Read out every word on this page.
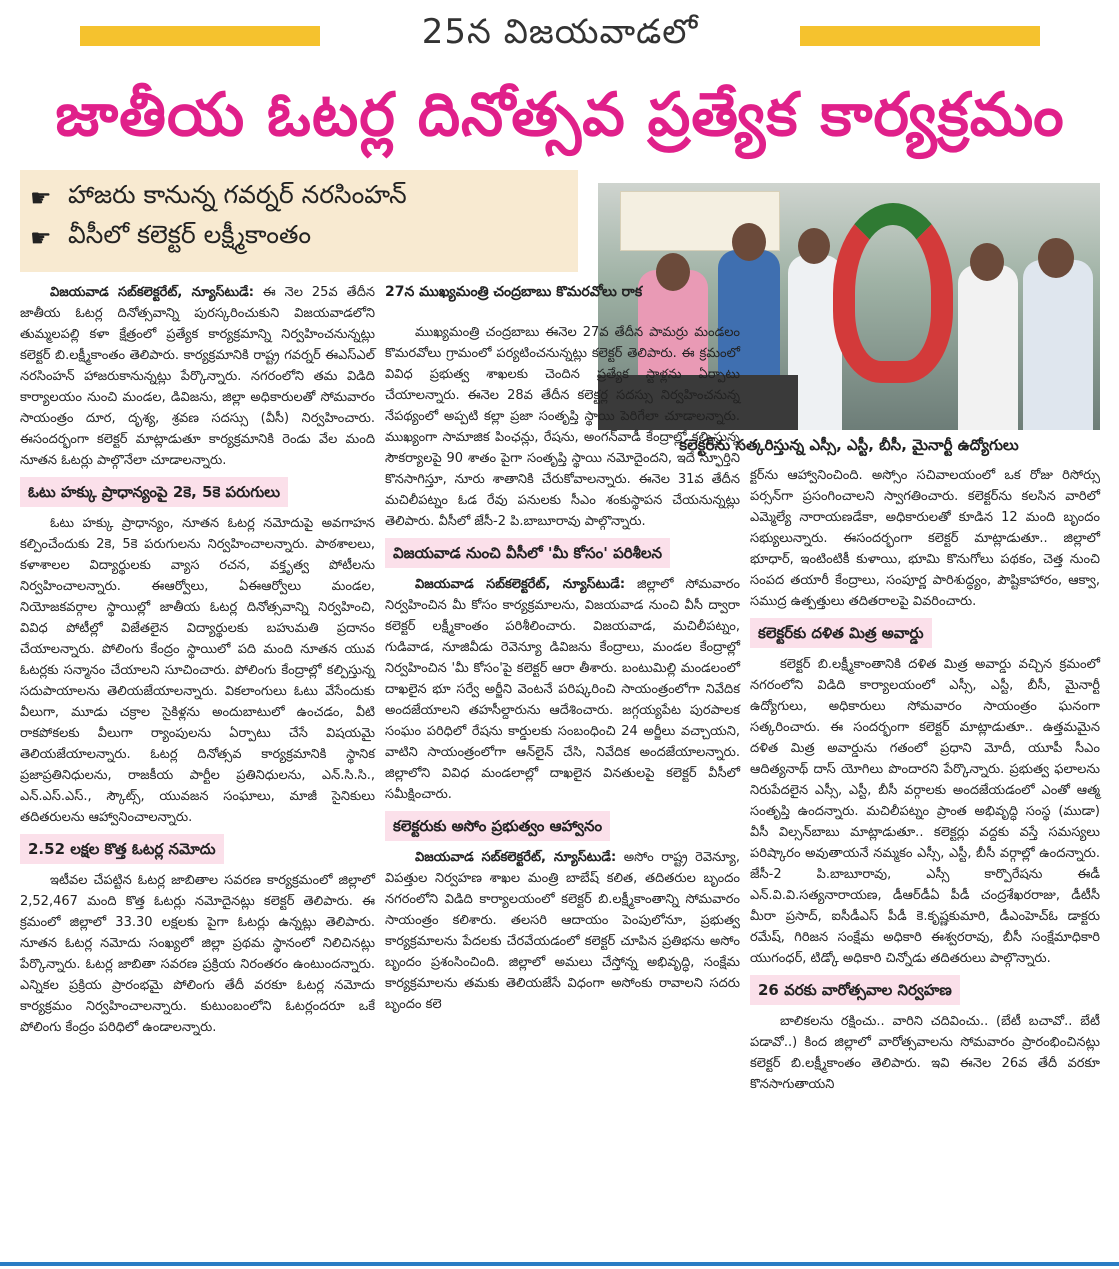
25న విజయవాడలో
జాతీయ ఓటర్ల దినోత్సవ ప్రత్యేక కార్యక్రమం
☛ హాజరు కానున్న గవర్నర్ నరసింహన్
☛ వీసీలో కలెక్టర్ లక్ష్మీకాంతం
కలెక్టర్‌ను సత్కరిస్తున్న ఎస్సీ, ఎస్టీ, బీసీ, మైనార్టీ ఉద్యోగులు

విజయవాడ సబ్‌కలెక్టరేట్, న్యూస్‌టుడే: ఈ నెల 25వ తేదీన జాతీయ ఓటర్ల దినోత్సవాన్ని పురస్కరించుకుని విజయవాడలోని తుమ్మలపల్లి కళా క్షేత్రంలో ప్రత్యేక కార్యక్రమాన్ని నిర్వహించనున్నట్లు కలెక్టర్ బి.లక్ష్మీకాంతం తెలిపారు. కార్యక్రమానికి రాష్ట్ర గవర్నర్ ఈఎస్ఎల్ నరసింహన్ హాజరుకానున్నట్లు పేర్కొన్నారు. నగరంలోని తమ విడిది కార్యాలయం నుంచి మండల, డివిజను, జిల్లా అధికారులతో సోమవారం సాయంత్రం దూర, దృశ్య, శ్రవణ సదస్సు (వీసీ) నిర్వహించారు. ఈసందర్భంగా కలెక్టర్ మాట్లాడుతూ కార్యక్రమానికి రెండు వేల మంది నూతన ఓటర్లు పాల్గొనేలా చూడాలన్నారు.

ఓటు హక్కు ప్రాధాన్యంపై 2కె, 5కె పరుగులు

ఓటు హక్కు ప్రాధాన్యం, నూతన ఓటర్ల నమోదుపై అవగాహన కల్పించేందుకు 2కె, 5కె పరుగులను నిర్వహించాలన్నారు. పాఠశాలలు, కళాశాలల విద్యార్థులకు వ్యాస రచన, వక్తృత్వ పోటీలను నిర్వహించాలన్నారు. ఈఆర్వోలు, ఏఈఆర్వోలు మండల, నియోజకవర్గాల స్థాయిల్లో జాతీయ ఓటర్ల దినోత్సవాన్ని నిర్వహించి, వివిధ పోటీల్లో విజేతలైన విద్యార్థులకు బహుమతి ప్రదానం చేయాలన్నారు. పోలింగు కేంద్రం స్థాయిలో పది మంది నూతన యువ ఓటర్లకు సన్మానం చేయాలని సూచించారు. పోలింగు కేంద్రాల్లో కల్పిస్తున్న సదుపాయాలను తెలియజేయాలన్నారు. వికలాంగులు ఓటు వేసేందుకు వీలుగా, మూడు చక్రాల సైకిళ్లను అందుబాటులో ఉంచడం, వీటి రాకపోకలకు వీలుగా ర్యాంపులను ఏర్పాటు చేసే విషయమై తెలియజేయాలన్నారు. ఓటర్ల దినోత్సవ కార్యక్రమానికి స్థానిక ప్రజాప్రతినిధులను, రాజకీయ పార్టీల ప్రతినిధులను, ఎన్.సి.సి., ఎన్.ఎస్.ఎస్., స్కౌట్స్, యువజన సంఘాలు, మాజీ సైనికులు తదితరులను ఆహ్వానించాలన్నారు.

2.52 లక్షల కొత్త ఓటర్ల నమోదు

ఇటీవల చేపట్టిన ఓటర్ల జాబితాల సవరణ కార్యక్రమంలో జిల్లాలో 2,52,467 మంది కొత్త ఓటర్లు నమోదైనట్లు కలెక్టర్ తెలిపారు. ఈ క్రమంలో జిల్లాలో 33.30 లక్షలకు పైగా ఓటర్లు ఉన్నట్లు తెలిపారు. నూతన ఓటర్ల నమోదు సంఖ్యలో జిల్లా ప్రథమ స్థానంలో నిలిచినట్లు పేర్కొన్నారు. ఓటర్ల జాబితా సవరణ ప్రక్రియ నిరంతరం ఉంటుందన్నారు. ఎన్నికల ప్రక్రియ ప్రారంభమై పోలింగు తేదీ వరకూ ఓటర్ల నమోదు కార్యక్రమం నిర్వహించాలన్నారు. కుటుంబంలోని ఓటర్లందరూ ఒకే పోలింగు కేంద్రం పరిధిలో ఉండాలన్నారు.

27న ముఖ్యమంత్రి చంద్రబాబు కొమరవోలు రాక

ముఖ్యమంత్రి చంద్రబాబు ఈనెల 27వ తేదీన పామర్రు మండలం కొమరవోలు గ్రామంలో పర్యటించనున్నట్లు కలెక్టర్ తెలిపారు. ఈ క్రమంలో వివిధ ప్రభుత్వ శాఖలకు చెందిన ప్రత్యేక స్టాళ్లను ఏర్పాటు చేయాలన్నారు. ఈనెల 28వ తేదీన కలెక్టర్ల సదస్సు నిర్వహించనున్న నేపథ్యంలో అప్పటి కల్లా ప్రజా సంతృప్తి స్థాయి పెరిగేలా చూడాలన్నారు. ముఖ్యంగా సామాజిక పింఛన్లు, రేషను, అంగన్‌వాడీ కేంద్రాల్లో కల్పిస్తున్న సౌకర్యాలపై 90 శాతం పైగా సంతృప్తి స్థాయి నమోదైందని, ఇదే స్ఫూర్తిని కొనసాగిస్తూ, నూరు శాతానికి చేరుకోవాలన్నారు. ఈనెల 31వ తేదీన మచిలీపట్నం ఓడ రేవు పనులకు సీఎం శంకుస్థాపన చేయనున్నట్లు తెలిపారు. వీసీలో జేసీ-2 పి.బాబూరావు పాల్గొన్నారు.

విజయవాడ నుంచి వీసీలో 'మీ కోసం' పరిశీలన

విజయవాడ సబ్‌కలెక్టరేట్, న్యూస్‌టుడే: జిల్లాలో సోమవారం నిర్వహించిన మీ కోసం కార్యక్రమాలను, విజయవాడ నుంచి వీసీ ద్వారా కలెక్టర్ లక్ష్మీకాంతం పరిశీలించారు. విజయవాడ, మచిలీపట్నం, గుడివాడ, నూజివీడు రెవెన్యూ డివిజను కేంద్రాలు, మండల కేంద్రాల్లో నిర్వహించిన 'మీ కోసం'పై కలెక్టర్ ఆరా తీశారు. బంటుమిల్లి మండలంలో దాఖలైన భూ సర్వే అర్జీని వెంటనే పరిష్కరించి సాయంత్రంలోగా నివేదిక అందజేయాలని తహసీల్దారును ఆదేశించారు. జగ్గయ్యపేట పురపాలక సంఘం పరిధిలో రేషను కార్డులకు సంబంధించి 24 అర్జీలు వచ్చాయని, వాటిని సాయంత్రంలోగా ఆన్‌లైన్‌ చేసి, నివేదిక అందజేయాలన్నారు. జిల్లాలోని వివిధ మండలాల్లో దాఖలైన వినతులపై కలెక్టర్ వీసీలో సమీక్షించారు.

కలెక్టరుకు అసోం ప్రభుత్వం ఆహ్వానం

విజయవాడ సబ్‌కలెక్టరేట్, న్యూస్‌టుడే: అసోం రాష్ట్ర రెవెన్యూ, విపత్తుల నిర్వహణ శాఖల మంత్రి బాబేష్ కలిత, తదితరుల బృందం నగరంలోని విడిది కార్యాలయంలో కలెక్టర్ బి.లక్ష్మీకాంతాన్ని సోమవారం సాయంత్రం కలిశారు. తలసరి ఆదాయం పెంపులోనూ, ప్రభుత్వ కార్యక్రమాలను పేదలకు చేరవేయడంలో కలెక్టర్ చూపిన ప్రతిభను అసోం బృందం ప్రశంసించింది. జిల్లాలో అమలు చేస్తోన్న అభివృద్ధి, సంక్షేమ కార్యక్రమాలను తమకు తెలియజేసే విధంగా అసోంకు రావాలని సదరు బృందం కలె

క్టర్‌ను ఆహ్వానించింది. అస్సోం సచివాలయంలో ఒక రోజు రిసోర్సు పర్సన్‌గా ప్రసంగించాలని స్వాగతించారు. కలెక్టర్‌ను కలసిన వారిలో ఎమ్మెల్యే నారాయణడేకా, అధికారులతో కూడిన 12 మంది బృందం సభ్యులున్నారు. ఈసందర్భంగా కలెక్టర్ మాట్లాడుతూ.. జిల్లాలో భూధార్, ఇంటింటికీ కుళాయి, భూమి కొనుగోలు పథకం, చెత్త నుంచి సంపద తయారీ కేంద్రాలు, సంపూర్ణ పారిశుద్ధ్యం, పౌష్టికాహారం, ఆక్వా, సముద్ర ఉత్పత్తులు తదితరాలపై వివరించారు.

కలెక్టర్‌కు దళిత మిత్ర అవార్డు

కలెక్టర్ బి.లక్ష్మీకాంతానికి దళిత మిత్ర అవార్డు వచ్చిన క్రమంలో నగరంలోని విడిది కార్యాలయంలో ఎస్సీ, ఎస్టీ, బీసీ, మైనార్టీ ఉద్యోగులు, అధికారులు సోమవారం సాయంత్రం ఘనంగా సత్కరించారు. ఈ సందర్భంగా కలెక్టర్ మాట్లాడుతూ.. ఉత్తమమైన దళిత మిత్ర అవార్డును గతంలో ప్రధాని మోదీ, యూపీ సీఎం ఆదిత్యనాథ్ దాస్ యోగిలు పొందారని పేర్కొన్నారు. ప్రభుత్వ ఫలాలను నిరుపేదలైన ఎస్సీ, ఎస్టీ, బీసీ వర్గాలకు అందజేయడంలో ఎంతో ఆత్మ సంతృప్తి ఉందన్నారు. మచిలీపట్నం ప్రాంత అభివృద్ధి సంస్థ (ముడా) వీసీ విల్సన్‌బాబు మాట్లాడుతూ.. కలెక్టర్లు వద్దకు వస్తే సమస్యలు పరిష్కారం అవుతాయనే నమ్మకం ఎస్సీ, ఎస్టీ, బీసీ వర్గాల్లో ఉందన్నారు. జేసీ-2 పి.బాబూరావు, ఎస్సీ కార్పొరేషను ఈడీ ఎన్.వి.వి.సత్యనారాయణ, డీఆర్‌డీఏ పీడీ చంద్రశేఖరరాజు, డీటీసీ మీరా ప్రసాద్, ఐసీడీఎస్ పీడీ కె.కృష్ణకుమారి, డీఎంహెచ్‌ఓ డాక్టరు రమేష్, గిరిజన సంక్షేమ అధికారి ఈశ్వరరావు, బీసీ సంక్షేమాధికారి యుగంధర్, టిడ్కో అధికారి చిన్నోడు తదితరులు పాల్గొన్నారు.

26 వరకు వారోత్సవాల నిర్వహణ

బాలికలను రక్షించు.. వారిని చదివించు.. (బేటీ బచావో.. బేటీ పడావో..) కింద జిల్లాలో వారోత్సవాలను సోమవారం ప్రారంభించినట్లు కలెక్టర్ బి.లక్ష్మీకాంతం తెలిపారు. ఇవి ఈనెల 26వ తేదీ వరకూ కొనసాగుతాయని
